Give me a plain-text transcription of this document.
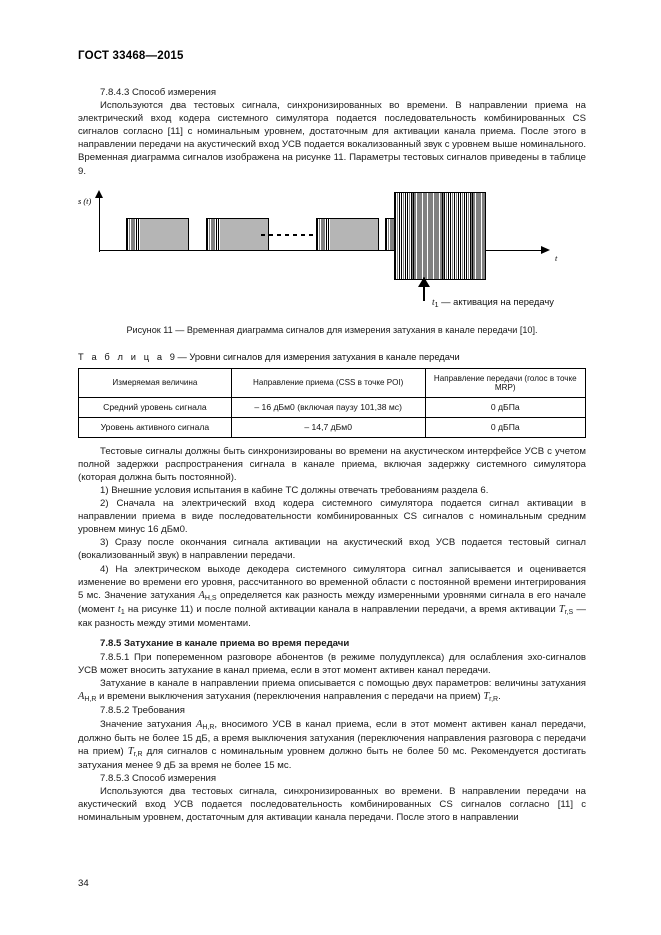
ГОСТ 33468—2015

7.8.4.3 Способ измерения

Используются два тестовых сигнала, синхронизированных во времени. В направлении приема на электрический вход кодера системного симулятора подается последовательность комбинированных CS сигналов согласно [11] с номинальным уровнем, достаточным для активации канала приема. После этого в направлении передачи на акустический вход УСВ подается вокализованный звук с уровнем выше номинального. Временная диаграмма сигналов изображена на рисунке 11. Параметры тестовых сигналов приведены в таблице 9.

s (t)
t
$t_1$ — активация на передачу
Рисунок 11 — Временная диаграмма сигналов для измерения затухания в канале передачи [10].
Т а б л и ц а 9 — Уровни сигналов для измерения затухания в канале передачи
Измеряемая величина	Направление приема (CSS в точке POI)	Направление передачи (голос в точке MRP)
Средний уровень сигнала	– 16 дБм0 (включая паузу 101,38 мс)	0 дБПа
Уровень активного сигнала	– 14,7 дБм0	0 дБПа

Тестовые сигналы должны быть синхронизированы во времени на акустическом интерфейсе УСВ с учетом полной задержки распространения сигнала в канале приема, включая задержку системного симулятора (которая должна быть постоянной).

1) Внешние условия испытания в кабине ТС должны отвечать требованиям раздела 6.

2) Сначала на электрический вход кодера системного симулятора подается сигнал активации в направлении приема в виде последовательности комбинированных CS сигналов с номинальным средним уровнем минус 16 дБм0.

3) Сразу после окончания сигнала активации на акустический вход УСВ подается тестовый сигнал (вокализованный звук) в направлении передачи.

4) На электрическом выходе декодера системного симулятора сигнал записывается и оценивается изменение во времени его уровня, рассчитанного во временной области с постоянной времени интегрирования 5 мс. Значение затухания $A_{H,S}$ определяется как разность между измеренными уровнями сигнала в его начале (момент $t_1$ на рисунке 11) и после полной активации канала в направлении передачи, а время активации $T_{r,S}$ — как разность между этими моментами.

7.8.5 Затухание в канале приема во время передачи

7.8.5.1 При попеременном разговоре абонентов (в режиме полудуплекса) для ослабления эхо-сигналов УСВ может вносить затухание в канал приема, если в этот момент активен канал передачи.

Затухание в канале в направлении приема описывается с помощью двух параметров: величины затухания $A_{H,R}$ и времени выключения затухания (переключения направления с передачи на прием) $T_{r,R}$.

7.8.5.2 Требования

Значение затухания $A_{H,R}$, вносимого УСВ в канал приема, если в этот момент активен канал передачи, должно быть не более 15 дБ, а время выключения затухания (переключения направления разговора с передачи на прием) $T_{r,R}$ для сигналов с номинальным уровнем должно быть не более 50 мс. Рекомендуется достигать затухания менее 9 дБ за время не более 15 мс.

7.8.5.3 Способ измерения

Используются два тестовых сигнала, синхронизированных во времени. В направлении передачи на акустический вход УСВ подается последовательность комбинированных CS сигналов согласно [11] с номинальным уровнем, достаточным для активации канала передачи. После этого в направлении

34
